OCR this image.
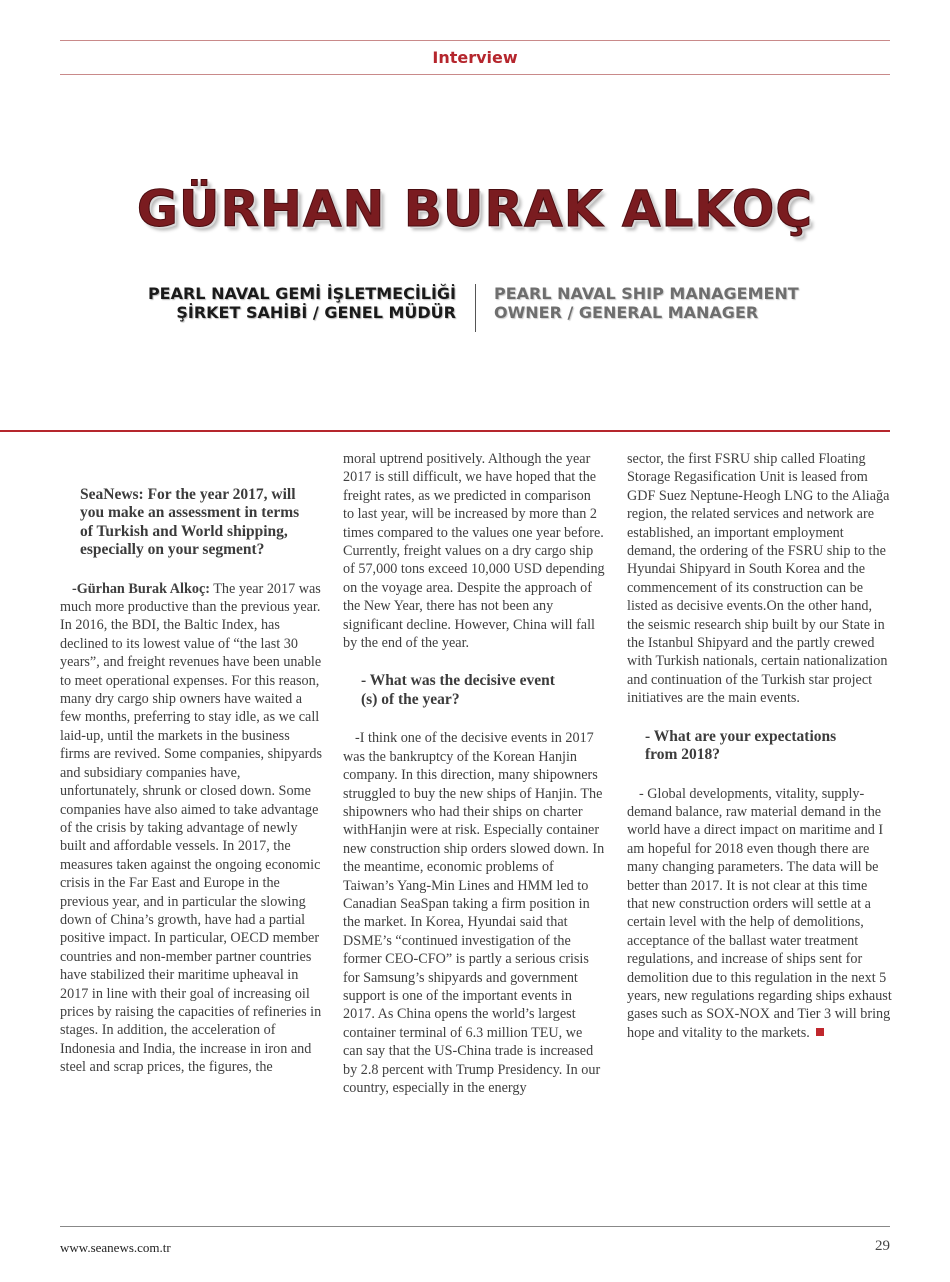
Interview
GÜRHAN BURAK ALKOÇ
PEARL NAVAL GEMİ İŞLETMECİLİĞİ
ŞİRKET SAHİBİ / GENEL MÜDÜR
PEARL NAVAL SHIP MANAGEMENT
OWNER / GENERAL MANAGER

SeaNews: For the year 2017, will you make an assessment in terms of Turkish and World shipping, especially on your segment?

-Gürhan Burak Alkoç: The year 2017 was much more productive than the previous year. In 2016, the BDI, the Baltic Index, has declined to its lowest value of “the last 30 years”, and freight revenues have been unable to meet operational expenses. For this reason, many dry cargo ship owners have waited a few months, preferring to stay idle, as we call laid-up, until the markets in the business firms are revived. Some companies, shipyards and subsidiary companies have, unfortunately, shrunk or closed down. Some companies have also aimed to take advantage of the crisis by taking advantage of newly built and affordable vessels. In 2017, the measures taken against the ongoing economic crisis in the Far East and Europe in the previous year, and in particular the slowing down of China’s growth, have had a partial positive impact. In particular, OECD member countries and non-member partner countries have stabilized their maritime upheaval in 2017 in line with their goal of increasing oil prices by raising the capacities of refineries in stages. In addition, the acceleration of Indonesia and India, the increase in iron and steel and scrap prices, the figures, the

moral uptrend positively. Although the year 2017 is still difficult, we have hoped that the freight rates, as we predicted in comparison to last year, will be increased by more than 2 times compared to the values one year before. Currently, freight values on a dry cargo ship of 57,000 tons exceed 10,000 USD depending on the voyage area. Despite the approach of the New Year, there has not been any significant decline. However, China will fall by the end of the year.

- What was the decisive event (s) of the year?

-I think one of the decisive events in 2017 was the bankruptcy of the Korean Hanjin company. In this direction, many shipowners struggled to buy the new ships of Hanjin. The shipowners who had their ships on charter withHanjin were at risk. Especially container new construction ship orders slowed down. In the meantime, economic problems of Taiwan’s Yang-Min Lines and HMM led to Canadian SeaSpan taking a firm position in the market. In Korea, Hyundai said that DSME’s “continued investigation of the former CEO-CFO” is partly a serious crisis for Samsung’s shipyards and government support is one of the important events in 2017. As China opens the world’s largest container terminal of 6.3 million TEU, we can say that the US-China trade is increased by 2.8 percent with Trump Presidency. In our country, especially in the energy

sector, the first FSRU ship called Floating Storage Regasification Unit is leased from GDF Suez Neptune-Heogh LNG to the Aliağa region, the related services and network are established, an important employment demand, the ordering of the FSRU ship to the Hyundai Shipyard in South Korea and the commencement of its construction can be listed as decisive events.On the other hand, the seismic research ship built by our State in the Istanbul Shipyard and the partly crewed with Turkish nationals, certain nationalization and continuation of the Turkish star project initiatives are the main events.

- What are your expectations from 2018?

- Global developments, vitality, supply-demand balance, raw material demand in the world have a direct impact on maritime and I am hopeful for 2018 even though there are many changing parameters. The data will be better than 2017. It is not clear at this time that new construction orders will settle at a certain level with the help of demolitions, acceptance of the ballast water treatment regulations, and increase of ships sent for demolition due to this regulation in the next 5 years, new regulations regarding ships exhaust gases such as SOX-NOX and Tier 3 will bring hope and vitality to the markets.

www.seanews.com.tr	29
